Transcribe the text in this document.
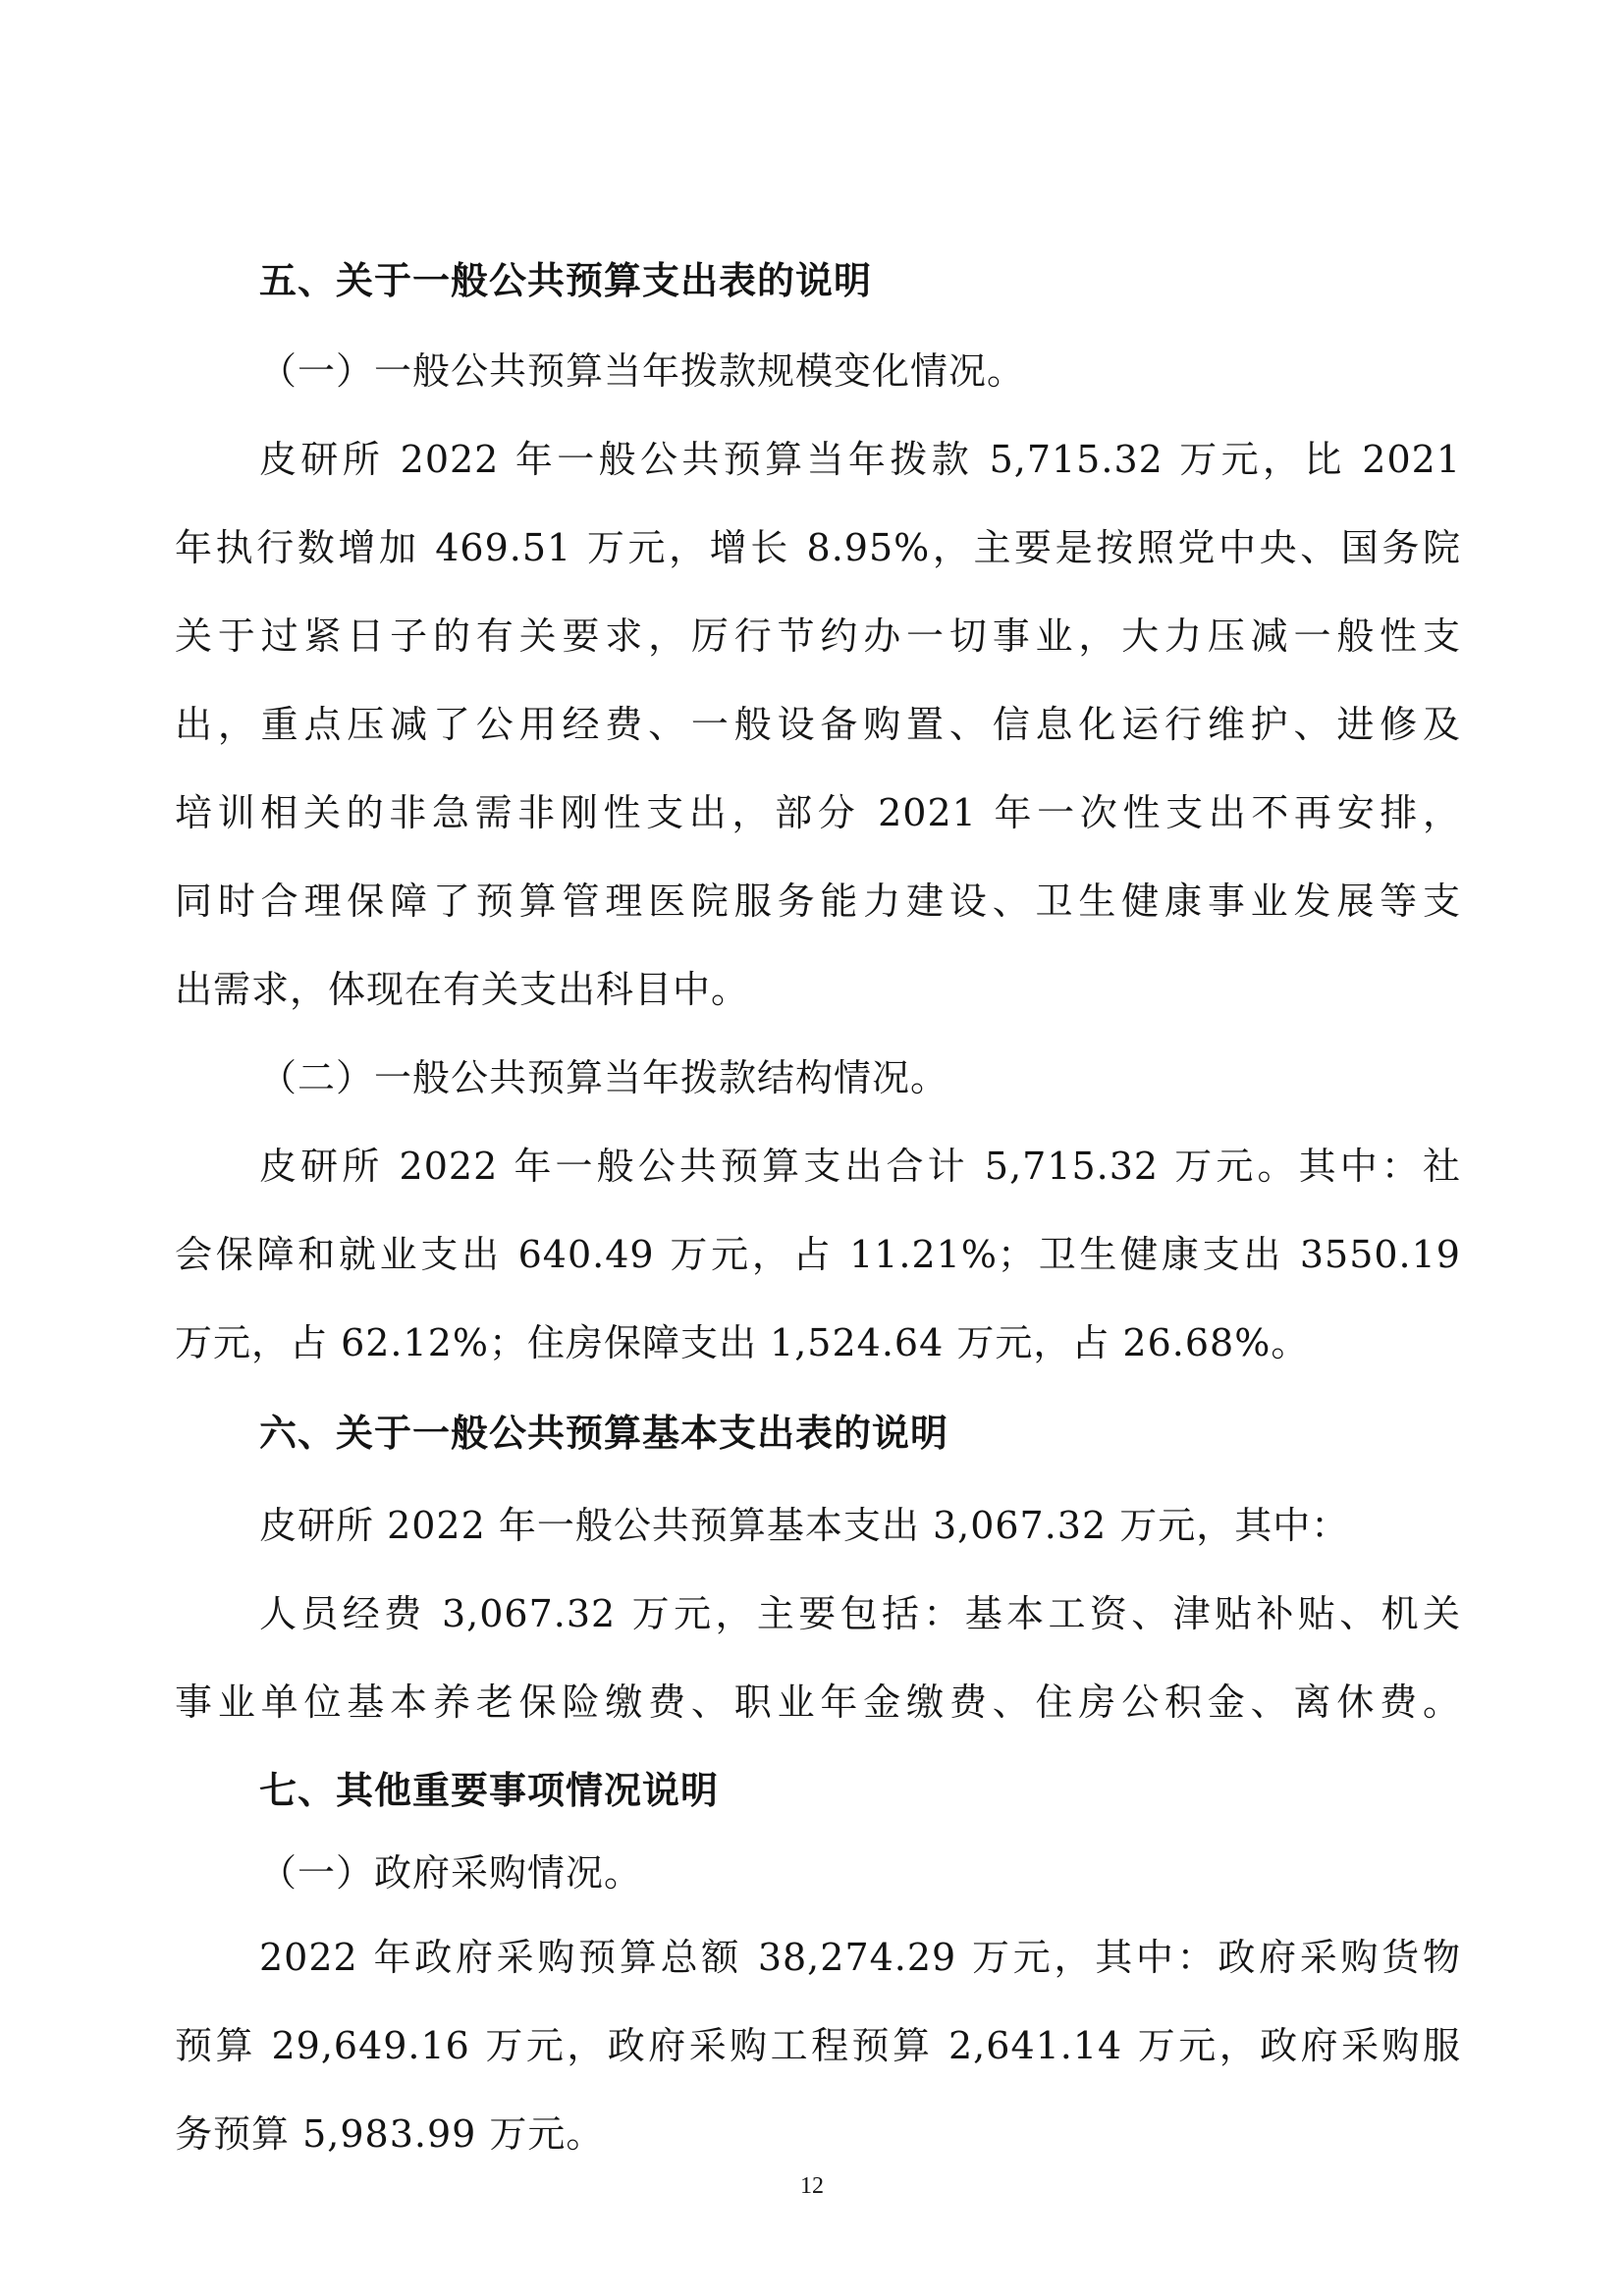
五、关于一般公共预算支出表的说明
（一）一般公共预算当年拨款规模变化情况。
皮研所 2022 年一般公共预算当年拨款 5,715.32 万元，比 2021
年执行数增加 469.51 万元，增长 8.95%，主要是按照党中央、国务院
关于过紧日子的有关要求，厉行节约办一切事业，大力压减一般性支
出，重点压减了公用经费、一般设备购置、信息化运行维护、进修及
培训相关的非急需非刚性支出，部分 2021 年一次性支出不再安排，
同时合理保障了预算管理医院服务能力建设、卫生健康事业发展等支
出需求，体现在有关支出科目中。
（二）一般公共预算当年拨款结构情况。
皮研所 2022 年一般公共预算支出合计 5,715.32 万元。其中：社
会保障和就业支出 640.49 万元，占 11.21%；卫生健康支出 3550.19
万元，占 62.12%；住房保障支出 1,524.64 万元，占 26.68%。
六、关于一般公共预算基本支出表的说明
皮研所 2022 年一般公共预算基本支出 3,067.32 万元，其中：
人员经费 3,067.32 万元，主要包括：基本工资、津贴补贴、机关
事业单位基本养老保险缴费、职业年金缴费、住房公积金、离休费。
七、其他重要事项情况说明
（一）政府采购情况。
2022 年政府采购预算总额 38,274.29 万元，其中：政府采购货物
预算 29,649.16 万元，政府采购工程预算 2,641.14 万元，政府采购服
务预算 5,983.99 万元。
12
